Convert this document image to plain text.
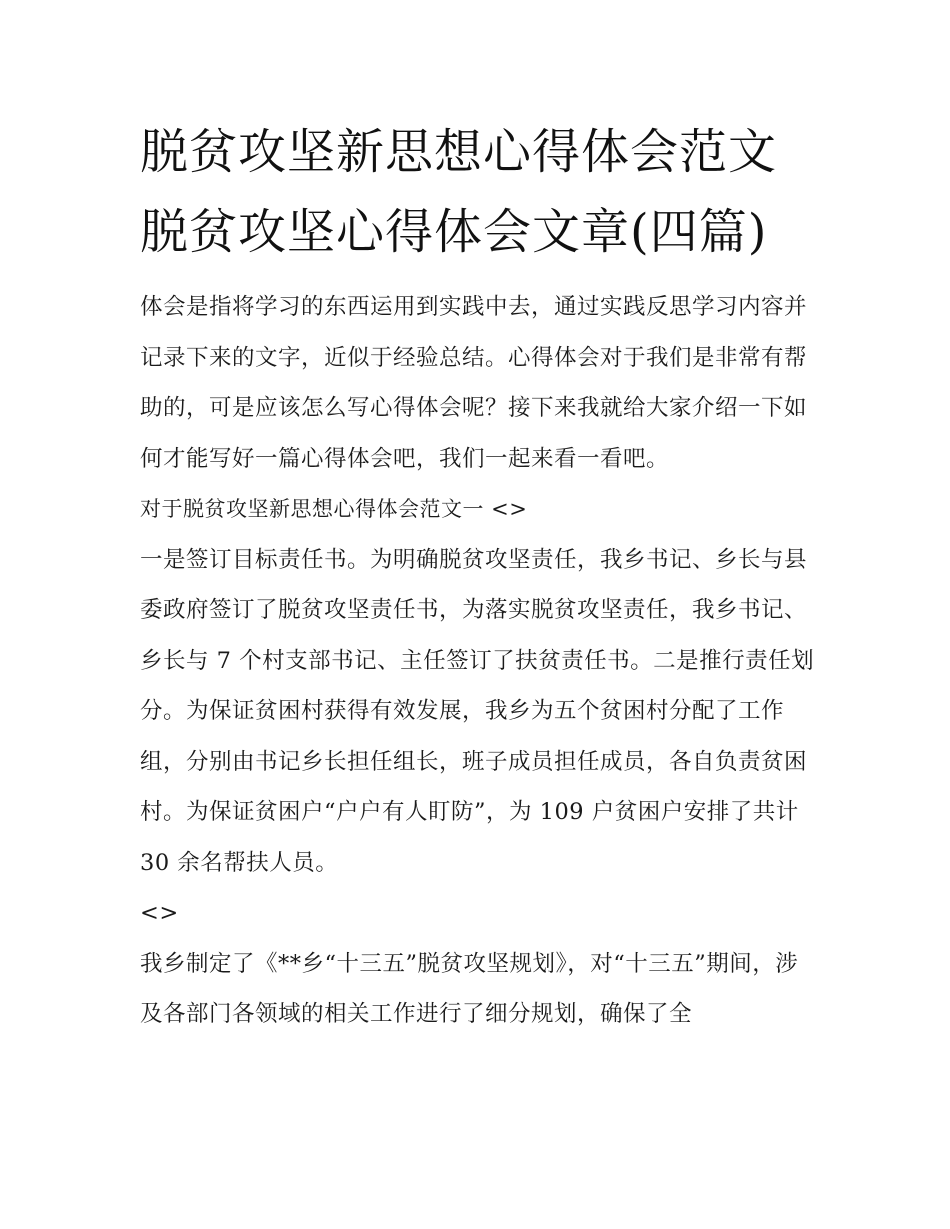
脱贫攻坚新思想心得体会范文
脱贫攻坚心得体会文章(四篇)

体会是指将学习的东西运用到实践中去，通过实践反思学习内容并记录下来的文字，近似于经验总结。心得体会对于我们是非常有帮助的，可是应该怎么写心得体会呢？接下来我就给大家介绍一下如何才能写好一篇心得体会吧，我们一起来看一看吧。

对于脱贫攻坚新思想心得体会范文一 <>

一是签订目标责任书。为明确脱贫攻坚责任，我乡书记、乡长与县委政府签订了脱贫攻坚责任书，为落实脱贫攻坚责任，我乡书记、乡长与 7 个村支部书记、主任签订了扶贫责任书。二是推行责任划分。为保证贫困村获得有效发展，我乡为五个贫困村分配了工作组，分别由书记乡长担任组长，班子成员担任成员，各自负责贫困村。为保证贫困户“户户有人盯防”，为 109 户贫困户安排了共计 30 余名帮扶人员。

<>

我乡制定了《**乡“十三五”脱贫攻坚规划》，对“十三五”期间，涉及各部门各领域的相关工作进行了细分规划，确保了全
